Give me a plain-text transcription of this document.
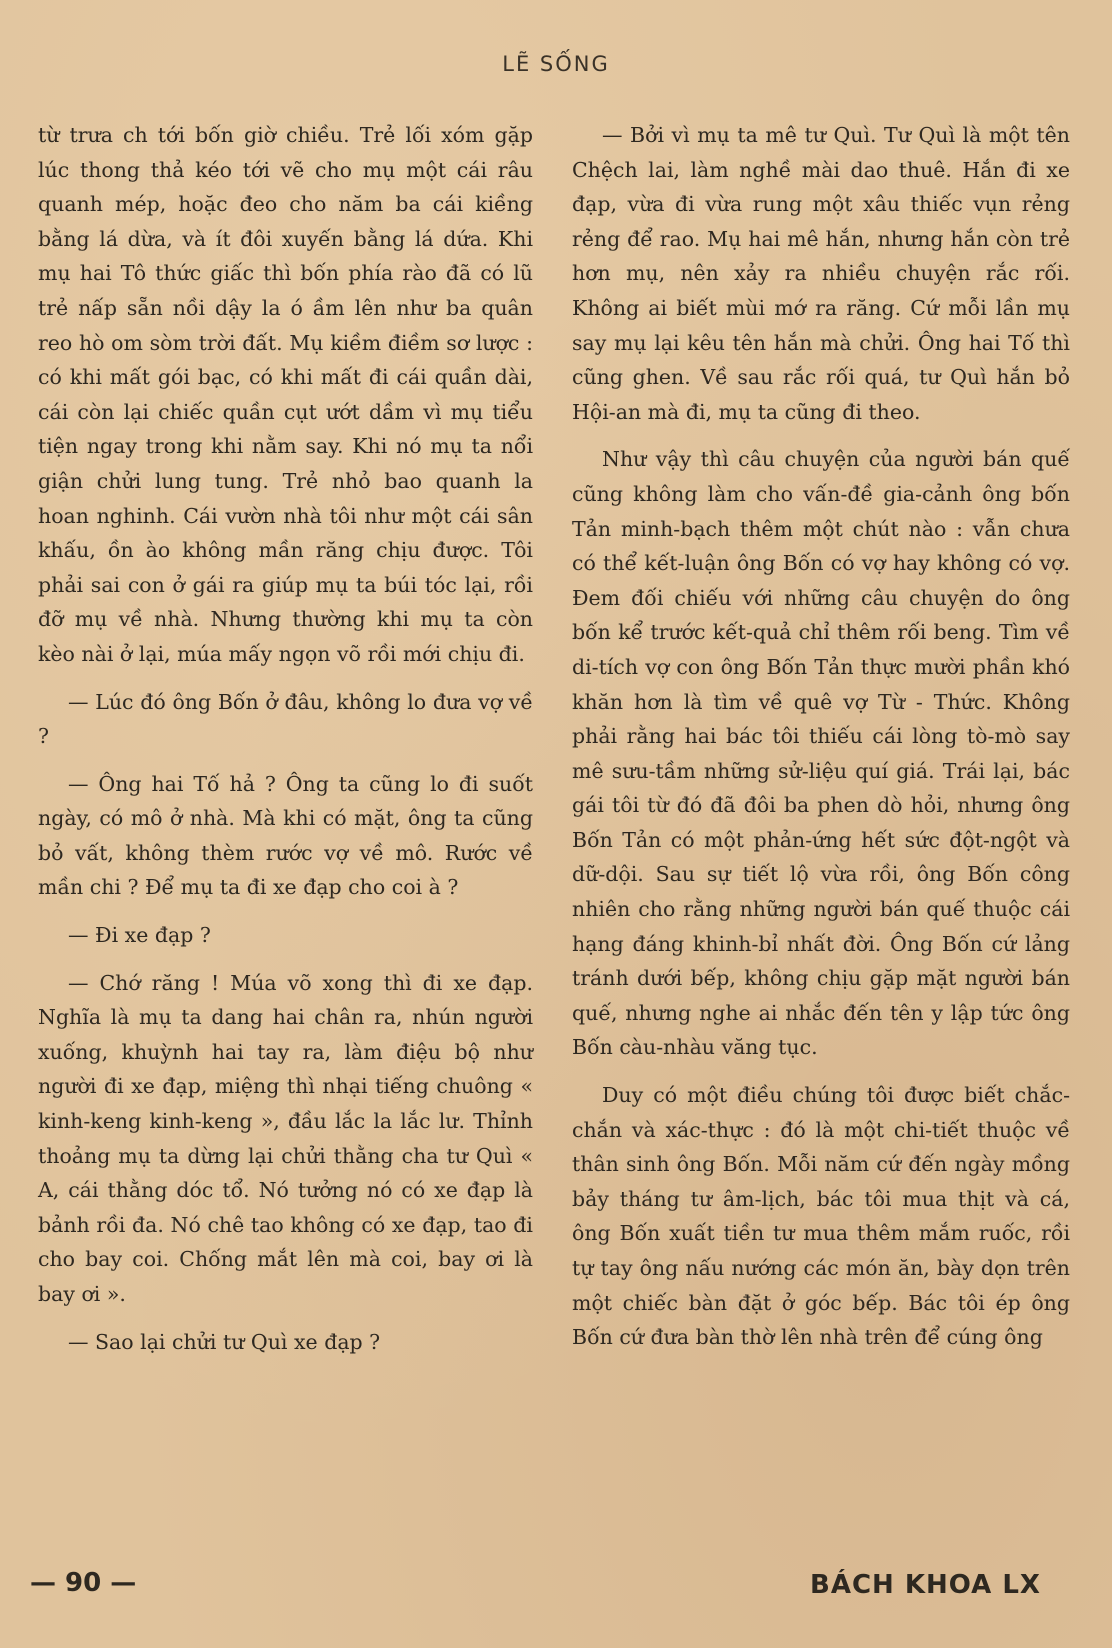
LẼ SỐNG

từ trưa ch tới bốn giờ chiều. Trẻ lối xóm gặp lúc thong thả kéo tới vẽ cho mụ một cái râu quanh mép, hoặc đeo cho năm ba cái kiềng bằng lá dừa, và ít đôi xuyến bằng lá dứa. Khi mụ hai Tô thức giấc thì bốn phía rào đã có lũ trẻ nấp sẵn nồi dậy la ó ầm lên như ba quân reo hò om sòm trời đất. Mụ kiềm điềm sơ lược : có khi mất gói bạc, có khi mất đi cái quần dài, cái còn lại chiếc quần cụt ướt dầm vì mụ tiểu tiện ngay trong khi nằm say. Khi nó mụ ta nổi giận chửi lung tung. Trẻ nhỏ bao quanh la hoan nghinh. Cái vườn nhà tôi như một cái sân khấu, ồn ào không mần răng chịu được. Tôi phải sai con ở gái ra giúp mụ ta búi tóc lại, rồi đỡ mụ về nhà. Nhưng thường khi mụ ta còn kèo nài ở lại, múa mấy ngọn võ rồi mới chịu đi.

— Lúc đó ông Bốn ở đâu, không lo đưa vợ về ?

— Ông hai Tố hả ? Ông ta cũng lo đi suốt ngày, có mô ở nhà. Mà khi có mặt, ông ta cũng bỏ vất, không thèm rước vợ về mô. Rước về mần chi ? Để mụ ta đi xe đạp cho coi à ?

— Đi xe đạp ?

— Chớ răng ! Múa võ xong thì đi xe đạp. Nghĩa là mụ ta dang hai chân ra, nhún người xuống, khuỳnh hai tay ra, làm điệu bộ như người đi xe đạp, miệng thì nhại tiếng chuông « kinh-keng kinh-keng », đầu lắc la lắc lư. Thỉnh thoảng mụ ta dừng lại chửi thằng cha tư Quì « A, cái thằng dóc tổ. Nó tưởng nó có xe đạp là bảnh rồi đa. Nó chê tao không có xe đạp, tao đi cho bay coi. Chống mắt lên mà coi, bay ơi là bay ơi ».

— Sao lại chửi tư Quì xe đạp ?

— Bởi vì mụ ta mê tư Quì. Tư Quì là một tên Chệch lai, làm nghề mài dao thuê. Hắn đi xe đạp, vừa đi vừa rung một xâu thiếc vụn rẻng rẻng để rao. Mụ hai mê hắn, nhưng hắn còn trẻ hơn mụ, nên xảy ra nhiều chuyện rắc rối. Không ai biết mùi mớ ra răng. Cứ mỗi lần mụ say mụ lại kêu tên hắn mà chửi. Ông hai Tố thì cũng ghen. Về sau rắc rối quá, tư Quì hắn bỏ Hội-an mà đi, mụ ta cũng đi theo.

Như vậy thì câu chuyện của người bán quế cũng không làm cho vấn-đề gia-cảnh ông bốn Tản minh-bạch thêm một chút nào : vẫn chưa có thể kết-luận ông Bốn có vợ hay không có vợ. Đem đối chiếu với những câu chuyện do ông bốn kể trước kết-quả chỉ thêm rối beng. Tìm về di-tích vợ con ông Bốn Tản thực mười phần khó khăn hơn là tìm về quê vợ Từ - Thức. Không phải rằng hai bác tôi thiếu cái lòng tò-mò say mê sưu-tầm những sử-liệu quí giá. Trái lại, bác gái tôi từ đó đã đôi ba phen dò hỏi, nhưng ông Bốn Tản có một phản-ứng hết sức đột-ngột và dữ-dội. Sau sự tiết lộ vừa rồi, ông Bốn công nhiên cho rằng những người bán quế thuộc cái hạng đáng khinh-bỉ nhất đời. Ông Bốn cứ lảng tránh dưới bếp, không chịu gặp mặt người bán quế, nhưng nghe ai nhắc đến tên y lập tức ông Bốn càu-nhàu văng tục.

Duy có một điều chúng tôi được biết chắc-chắn và xác-thực : đó là một chi-tiết thuộc về thân sinh ông Bốn. Mỗi năm cứ đến ngày mồng bảy tháng tư âm-lịch, bác tôi mua thịt và cá, ông Bốn xuất tiền tư mua thêm mắm ruốc, rồi tự tay ông nấu nướng các món ăn, bày dọn trên một chiếc bàn đặt ở góc bếp. Bác tôi ép ông Bốn cứ đưa bàn thờ lên nhà trên để cúng ông

— 90 —	BÁCH KHOA LX
